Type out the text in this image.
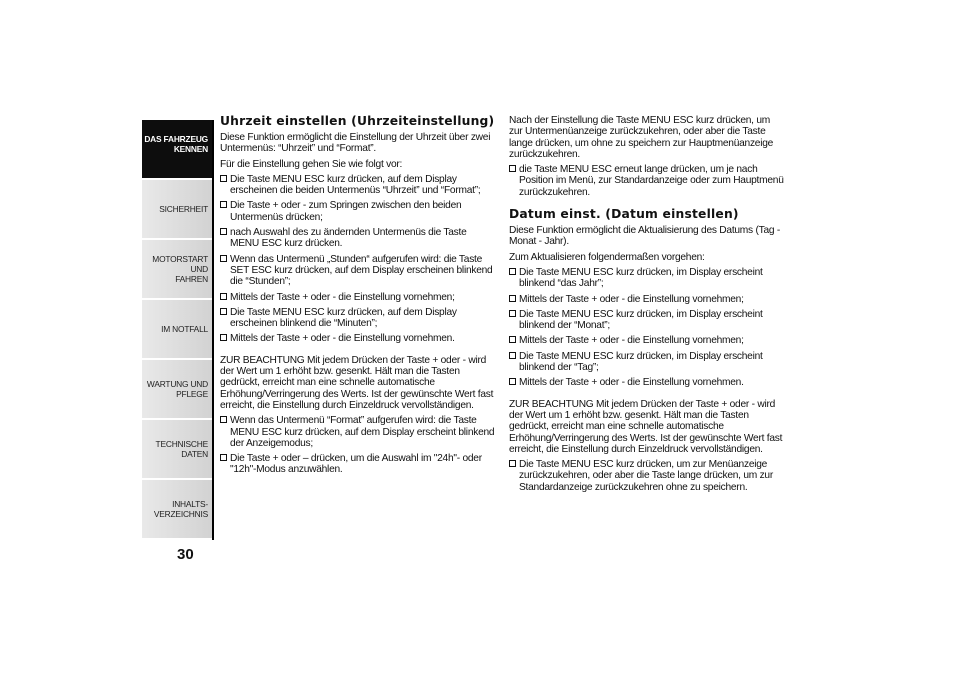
DAS FAHRZEUG
KENNEN
SICHERHEIT
MOTORSTART UND
FAHREN
IM NOTFALL
WARTUNG UND
PFLEGE
TECHNISCHE DATEN
INHALTS-
VERZEICHNIS
30
Uhrzeit einstellen (Uhrzeiteinstellung)

Diese Funktion ermöglicht die Einstellung der Uhrzeit über zwei Untermenüs: “Uhrzeit” und “Format”.

Für die Einstellung gehen Sie wie folgt vor:

Die Taste MENU ESC kurz drücken, auf dem Display erscheinen die beiden Untermenüs “Uhrzeit” und “Format”;
Die Taste + oder - zum Springen zwischen den beiden Untermenüs drücken;
nach Auswahl des zu ändernden Untermenüs die Taste MENU ESC kurz drücken.
Wenn das Untermenü „Stunden“ aufgerufen wird: die Taste SET ESC kurz drücken, auf dem Display erscheinen blinkend die “Stunden”;
Mittels der Taste + oder - die Einstellung vornehmen;
Die Taste MENU ESC kurz drücken, auf dem Display erscheinen blinkend die “Minuten”;
Mittels der Taste + oder - die Einstellung vornehmen.

ZUR BEACHTUNG Mit jedem Drücken der Taste + oder - wird der Wert um 1 erhöht bzw. gesenkt. Hält man die Tasten gedrückt, erreicht man eine schnelle automatische Erhöhung/Verringerung des Werts. Ist der gewünschte Wert fast erreicht, die Einstellung durch Einzeldruck vervollständigen.

Wenn das Untermenü “Format” aufgerufen wird: die Taste MENU ESC kurz drücken, auf dem Display erscheint blinkend der Anzeigemodus;
Die Taste + oder – drücken, um die Auswahl im "24h"- oder "12h"-Modus anzuwählen.

Nach der Einstellung die Taste MENU ESC kurz drücken, um zur Untermenüanzeige zurückzukehren, oder aber die Taste lange drücken, um ohne zu speichern zur Hauptmenüanzeige zurückzukehren.

die Taste MENU ESC erneut lange drücken, um je nach Position im Menü, zur Standardanzeige oder zum Hauptmenü zurückzukehren.
Datum einst. (Datum einstellen)

Diese Funktion ermöglicht die Aktualisierung des Datums (Tag - Monat - Jahr).

Zum Aktualisieren folgendermaßen vorgehen:

Die Taste MENU ESC kurz drücken, im Display erscheint blinkend “das Jahr”;
Mittels der Taste + oder - die Einstellung vornehmen;
Die Taste MENU ESC kurz drücken, im Display erscheint blinkend der “Monat”;
Mittels der Taste + oder - die Einstellung vornehmen;
Die Taste MENU ESC kurz drücken, im Display erscheint blinkend der “Tag”;
Mittels der Taste + oder - die Einstellung vornehmen.

ZUR BEACHTUNG Mit jedem Drücken der Taste + oder - wird der Wert um 1 erhöht bzw. gesenkt. Hält man die Tasten gedrückt, erreicht man eine schnelle automatische Erhöhung/Verringerung des Werts. Ist der gewünschte Wert fast erreicht, die Einstellung durch Einzeldruck vervollständigen.

Die Taste MENU ESC kurz drücken, um zur Menüanzeige zurückzukehren, oder aber die Taste lange drücken, um zur Standardanzeige zurückzukehren ohne zu speichern.
